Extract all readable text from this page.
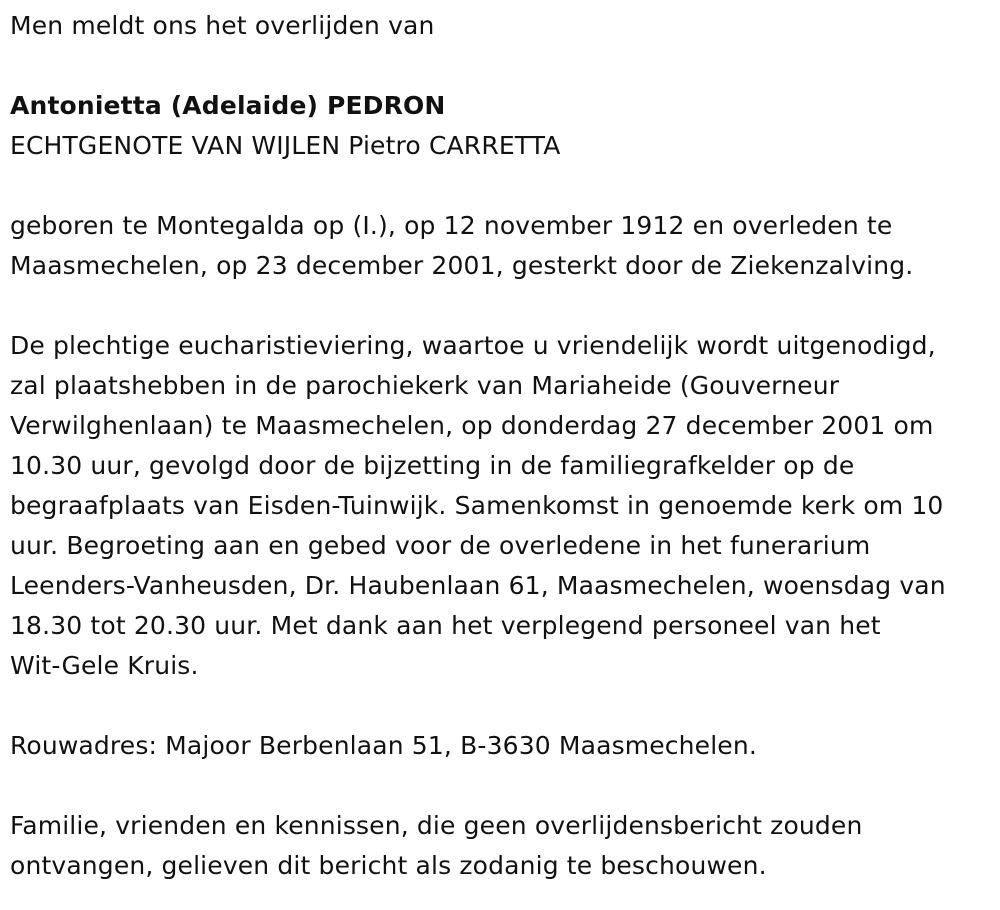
Men meldt ons het overlijden van
Antonietta (Adelaide) PEDRON
ECHTGENOTE VAN WIJLEN Pietro CARRETTA
geboren te Montegalda op (I.), op 12 november 1912 en overleden te
Maasmechelen, op 23 december 2001, gesterkt door de Ziekenzalving.
De plechtige eucharistieviering, waartoe u vriendelijk wordt uitgenodigd,
zal plaatshebben in de parochiekerk van Mariaheide (Gouverneur
Verwilghenlaan) te Maasmechelen, op donderdag 27 december 2001 om
10.30 uur, gevolgd door de bijzetting in de familiegrafkelder op de
begraafplaats van Eisden-Tuinwijk. Samenkomst in genoemde kerk om 10
uur. Begroeting aan en gebed voor de overledene in het funerarium
Leenders-Vanheusden, Dr. Haubenlaan 61, Maasmechelen, woensdag van
18.30 tot 20.30 uur. Met dank aan het verplegend personeel van het
Wit-Gele Kruis.
Rouwadres: Majoor Berbenlaan 51, B-3630 Maasmechelen.
Familie, vrienden en kennissen, die geen overlijdensbericht zouden
ontvangen, gelieven dit bericht als zodanig te beschouwen.
